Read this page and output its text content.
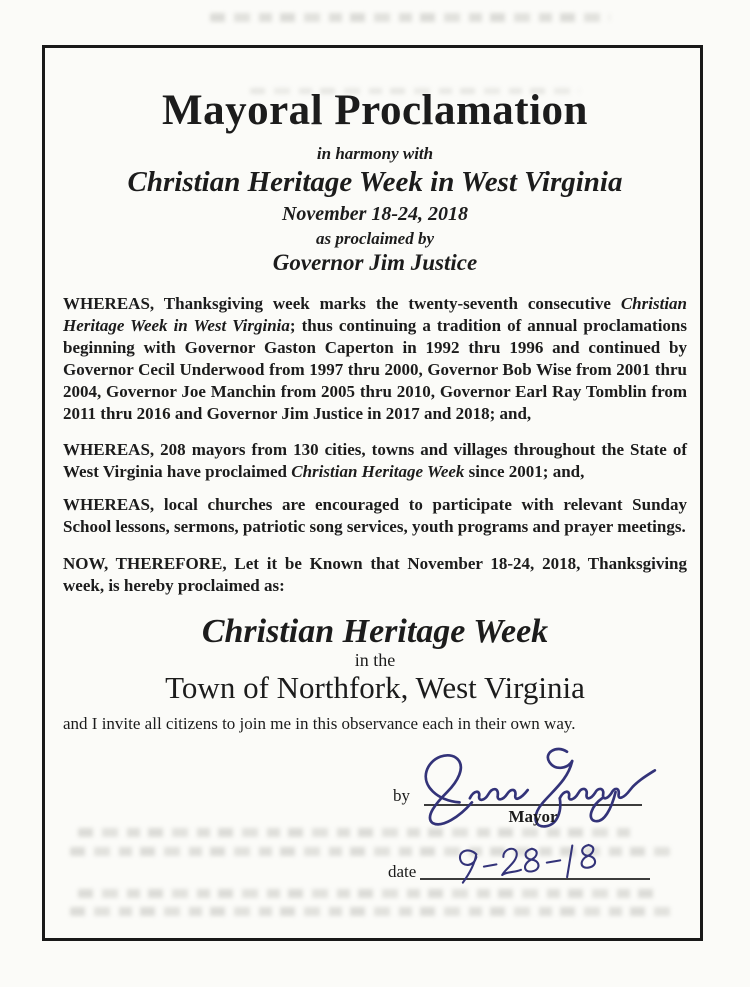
Mayoral Proclamation
in harmony with
Christian Heritage Week in West Virginia
November 18-24, 2018
as proclaimed by
Governor Jim Justice

WHEREAS, Thanksgiving week marks the twenty-seventh consecutive Christian Heritage Week in West Virginia; thus continuing a tradition of annual proclamations beginning with Governor Gaston Caperton in 1992 thru 1996 and continued by Governor Cecil Underwood from 1997 thru 2000, Governor Bob Wise from 2001 thru 2004, Governor Joe Manchin from 2005 thru 2010, Governor Earl Ray Tomblin from 2011 thru 2016 and Governor Jim Justice in 2017 and 2018; and,

WHEREAS, 208 mayors from 130 cities, towns and villages throughout the State of West Virginia have proclaimed Christian Heritage Week since 2001; and,

WHEREAS, local churches are encouraged to participate with relevant Sunday School lessons, sermons, patriotic song services, youth programs and prayer meetings.

NOW, THEREFORE, Let it be Known that November 18-24, 2018, Thanksgiving week, is hereby proclaimed as:

Christian Heritage Week
in the
Town of Northfork, West Virginia

and I invite all citizens to join me in this observance each in their own way.

by
Mayor
date
